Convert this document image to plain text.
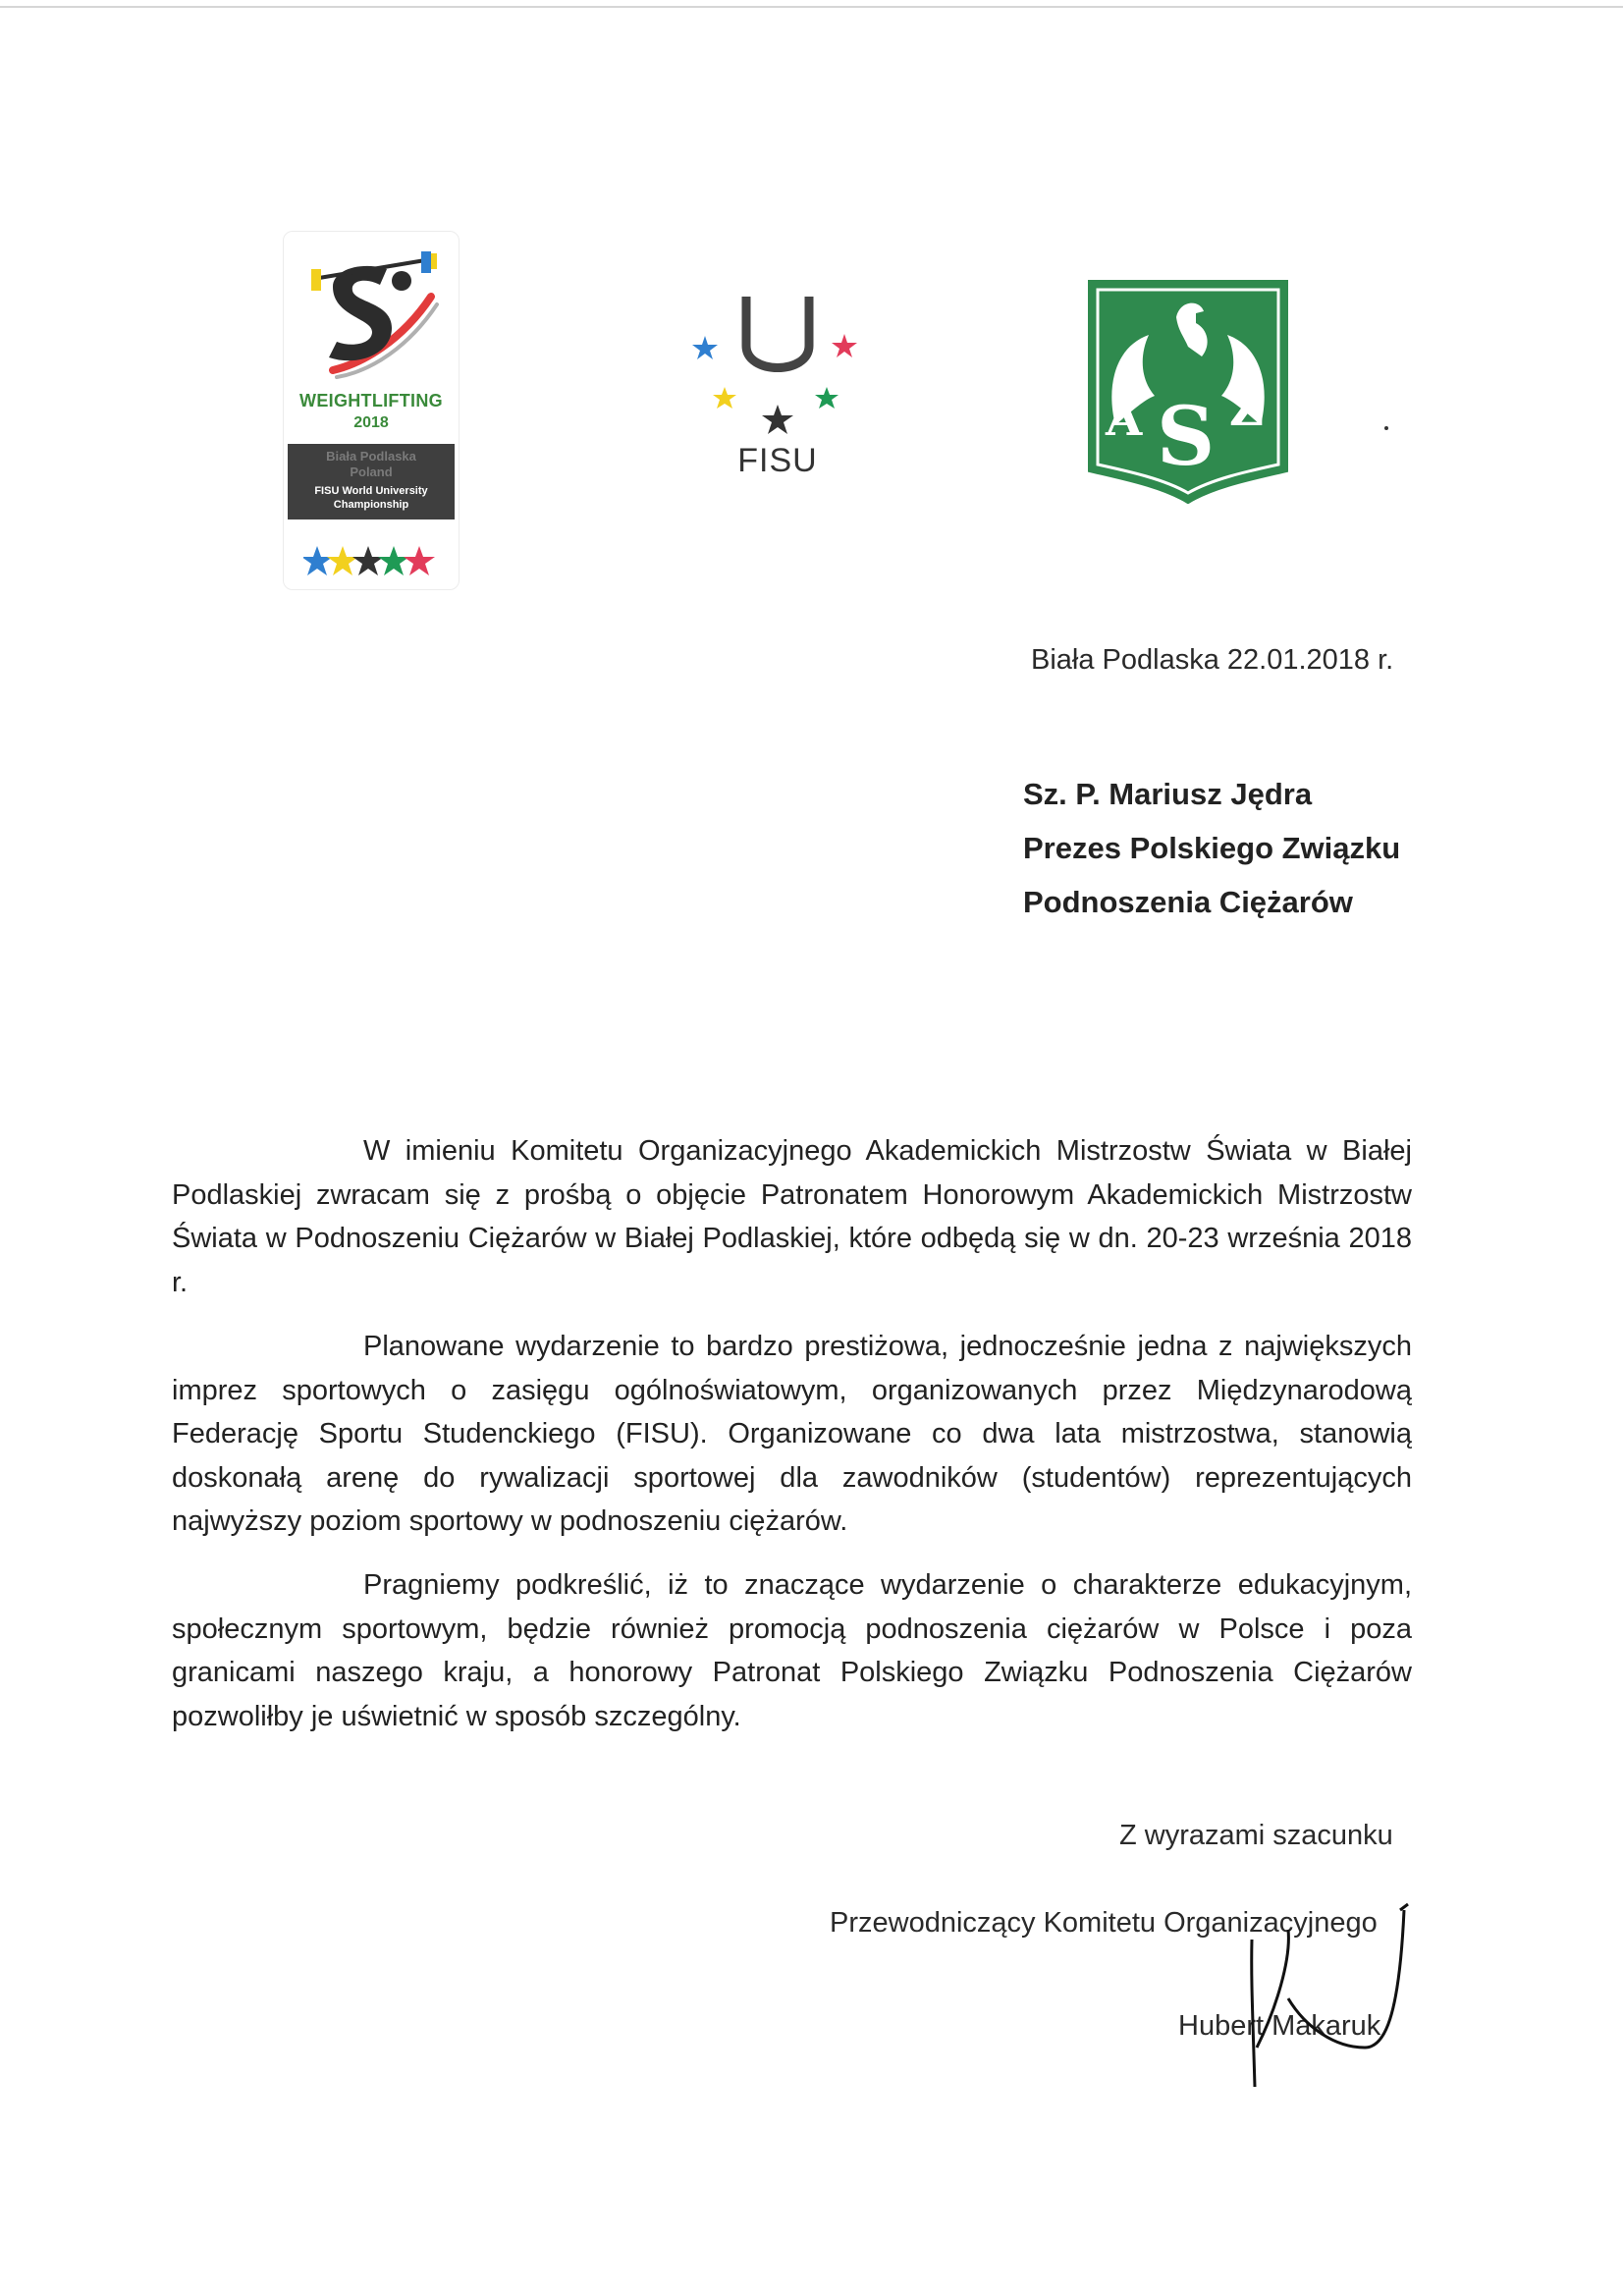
WEIGHTLIFTING
2018
Biała Podlaska
Poland
FISU World University
Championship
FISU
A S Z
Biała Podlaska 22.01.2018 r.
Sz. P. Mariusz Jędra
Prezes Polskiego Związku
Podnoszenia Ciężarów

W imieniu Komitetu Organizacyjnego Akademickich Mistrzostw Świata w Białej Podlaskiej zwracam się z prośbą o objęcie Patronatem Honorowym Akademickich Mistrzostw Świata w Podnoszeniu Ciężarów w Białej Podlaskiej, które odbędą się w dn. 20-23 września 2018 r.

Planowane wydarzenie to bardzo prestiżowa, jednocześnie jedna z największych imprez sportowych o zasięgu ogólnoświatowym, organizowanych przez Międzynarodową Federację Sportu Studenckiego (FISU). Organizowane co dwa lata mistrzostwa, stanowią doskonałą arenę do rywalizacji sportowej dla zawodników (studentów) reprezentujących najwyższy poziom sportowy w podnoszeniu ciężarów.

Pragniemy podkreślić, iż to znaczące wydarzenie o charakterze edukacyjnym, społecznym sportowym, będzie również promocją podnoszenia ciężarów w Polsce i poza granicami naszego kraju, a honorowy Patronat Polskiego Związku Podnoszenia Ciężarów pozwoliłby je uświetnić w sposób szczególny.

Z wyrazami szacunku
Przewodniczący Komitetu Organizacyjnego
Hubert Makaruk
